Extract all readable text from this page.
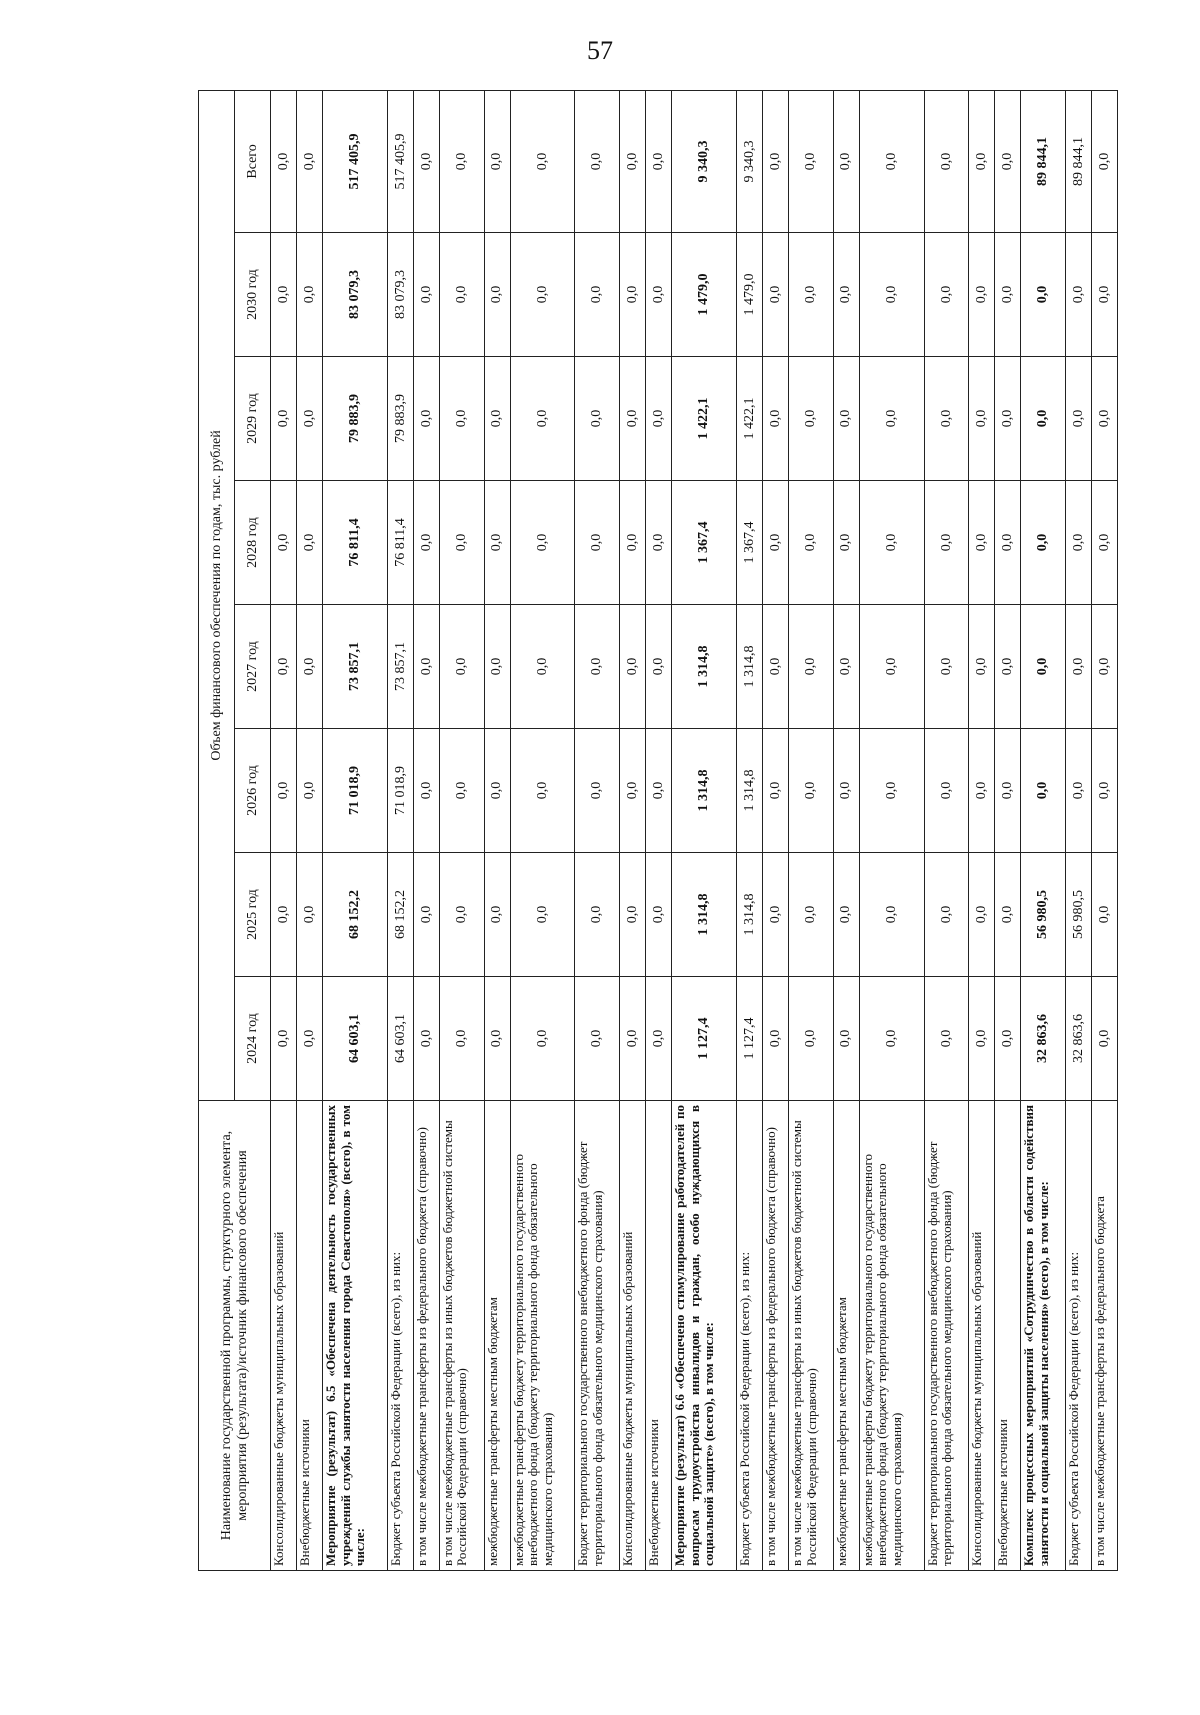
57
Наименование государственной программы, структурного элемента, мероприятия (результата)/источник финансового обеспечения	Объем финансового обеспечения по годам, тыс. рублей							
	2024 год	2025 год	2026 год	2027 год	2028 год	2029 год	2030 год	Всего
Консолидированные бюджеты муниципальных образований	0,0	0,0	0,0	0,0	0,0	0,0	0,0	0,0
Внебюджетные источники	0,0	0,0	0,0	0,0	0,0	0,0	0,0	0,0
Мероприятие (результат) 6.5 «Обеспечена деятельность государственных учреждений службы занятости населения города Севастополя» (всего), в том числе:	64 603,1	68 152,2	71 018,9	73 857,1	76 811,4	79 883,9	83 079,3	517 405,9
Бюджет субъекта Российской Федерации (всего), из них:	64 603,1	68 152,2	71 018,9	73 857,1	76 811,4	79 883,9	83 079,3	517 405,9
в том числе межбюджетные трансферты из федерального бюджета (справочно)	0,0	0,0	0,0	0,0	0,0	0,0	0,0	0,0
в том числе межбюджетные трансферты из иных бюджетов бюджетной системы Российской Федерации (справочно)	0,0	0,0	0,0	0,0	0,0	0,0	0,0	0,0
межбюджетные трансферты местным бюджетам	0,0	0,0	0,0	0,0	0,0	0,0	0,0	0,0
межбюджетные трансферты бюджету территориального государственного внебюджетного фонда (бюджету территориального фонда обязательного медицинского страхования)	0,0	0,0	0,0	0,0	0,0	0,0	0,0	0,0
Бюджет территориального государственного внебюджетного фонда (бюджет территориального фонда обязательного медицинского страхования)	0,0	0,0	0,0	0,0	0,0	0,0	0,0	0,0
Консолидированные бюджеты муниципальных образований	0,0	0,0	0,0	0,0	0,0	0,0	0,0	0,0
Внебюджетные источники	0,0	0,0	0,0	0,0	0,0	0,0	0,0	0,0
Мероприятие (результат) 6.6 «Обеспечено стимулирование работодателей по вопросам трудоустройства инвалидов и граждан, особо нуждающихся в социальной защите» (всего), в том числе:	1 127,4	1 314,8	1 314,8	1 314,8	1 367,4	1 422,1	1 479,0	9 340,3
Бюджет субъекта Российской Федерации (всего), из них:	1 127,4	1 314,8	1 314,8	1 314,8	1 367,4	1 422,1	1 479,0	9 340,3
в том числе межбюджетные трансферты из федерального бюджета (справочно)	0,0	0,0	0,0	0,0	0,0	0,0	0,0	0,0
в том числе межбюджетные трансферты из иных бюджетов бюджетной системы Российской Федерации (справочно)	0,0	0,0	0,0	0,0	0,0	0,0	0,0	0,0
межбюджетные трансферты местным бюджетам	0,0	0,0	0,0	0,0	0,0	0,0	0,0	0,0
межбюджетные трансферты бюджету территориального государственного внебюджетного фонда (бюджету территориального фонда обязательного медицинского страхования)	0,0	0,0	0,0	0,0	0,0	0,0	0,0	0,0
Бюджет территориального государственного внебюджетного фонда (бюджет территориального фонда обязательного медицинского страхования)	0,0	0,0	0,0	0,0	0,0	0,0	0,0	0,0
Консолидированные бюджеты муниципальных образований	0,0	0,0	0,0	0,0	0,0	0,0	0,0	0,0
Внебюджетные источники	0,0	0,0	0,0	0,0	0,0	0,0	0,0	0,0
Комплекс процессных мероприятий «Сотрудничество в области содействия занятости и социальной защиты населения» (всего), в том числе:	32 863,6	56 980,5	0,0	0,0	0,0	0,0	0,0	89 844,1
Бюджет субъекта Российской Федерации (всего), из них:	32 863,6	56 980,5	0,0	0,0	0,0	0,0	0,0	89 844,1
в том числе межбюджетные трансферты из федерального бюджета	0,0	0,0	0,0	0,0	0,0	0,0	0,0	0,0
